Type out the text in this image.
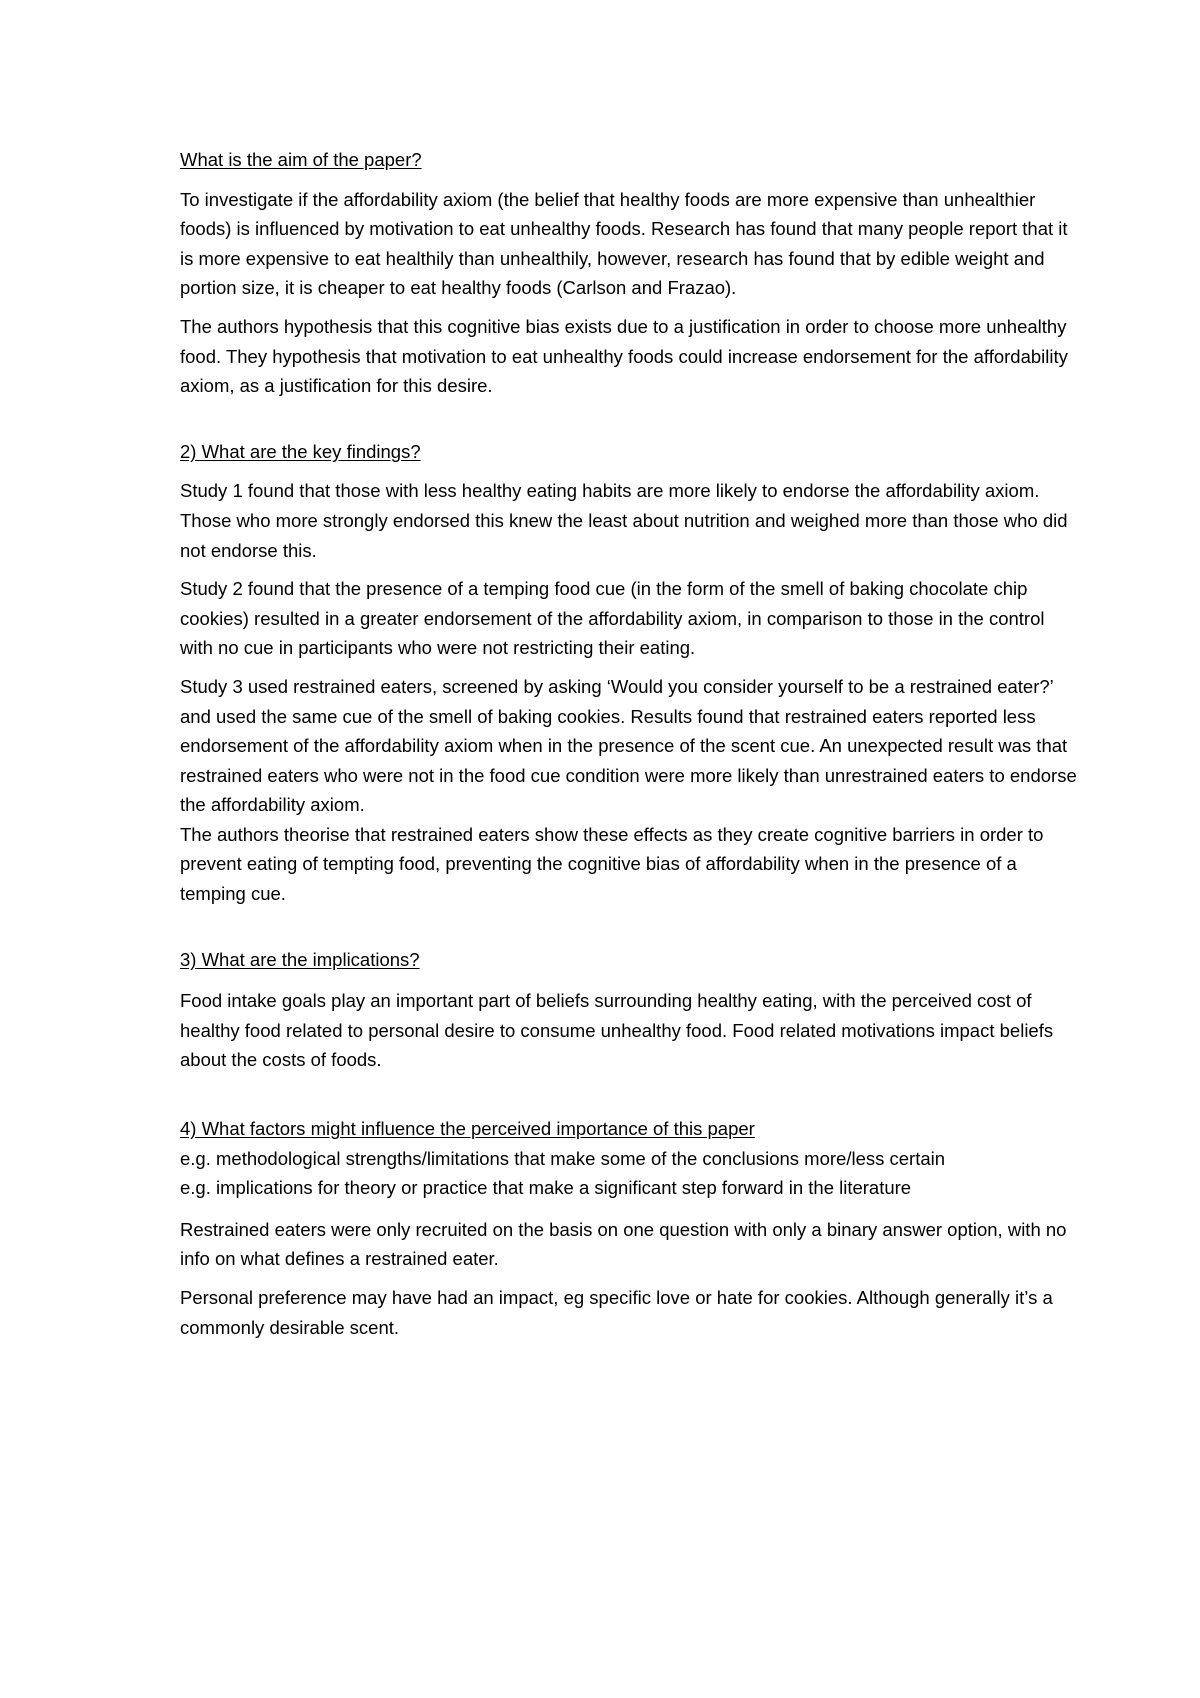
What is the aim of the paper?

To investigate if the affordability axiom (the belief that healthy foods are more expensive than unhealthier foods) is influenced by motivation to eat unhealthy foods. Research has found that many people report that it is more expensive to eat healthily than unhealthily, however, research has found that by edible weight and portion size, it is cheaper to eat healthy foods (Carlson and Frazao).

The authors hypothesis that this cognitive bias exists due to a justification in order to choose more unhealthy food. They hypothesis that motivation to eat unhealthy foods could increase endorsement for the affordability axiom, as a justification for this desire.

2) What are the key findings?

Study 1 found that those with less healthy eating habits are more likely to endorse the affordability axiom. Those who more strongly endorsed this knew the least about nutrition and weighed more than those who did not endorse this.

Study 2 found that the presence of a temping food cue (in the form of the smell of baking chocolate chip cookies) resulted in a greater endorsement of the affordability axiom, in comparison to those in the control with no cue in participants who were not restricting their eating.

Study 3 used restrained eaters, screened by asking ‘Would you consider yourself to be a restrained eater?’ and used the same cue of the smell of baking cookies. Results found that restrained eaters reported less endorsement of the affordability axiom when in the presence of the scent cue. An unexpected result was that restrained eaters who were not in the food cue condition were more likely than unrestrained eaters to endorse the affordability axiom.

The authors theorise that restrained eaters show these effects as they create cognitive barriers in order to prevent eating of tempting food, preventing the cognitive bias of affordability when in the presence of a temping cue.

3) What are the implications?

Food intake goals play an important part of beliefs surrounding healthy eating, with the perceived cost of healthy food related to personal desire to consume unhealthy food. Food related motivations impact beliefs about the costs of foods.

4) What factors might influence the perceived importance of this paper

e.g. methodological strengths/limitations that make some of the conclusions more/less certain

e.g. implications for theory or practice that make a significant step forward in the literature

Restrained eaters were only recruited on the basis on one question with only a binary answer option, with no info on what defines a restrained eater.

Personal preference may have had an impact, eg specific love or hate for cookies. Although generally it’s a commonly desirable scent.
